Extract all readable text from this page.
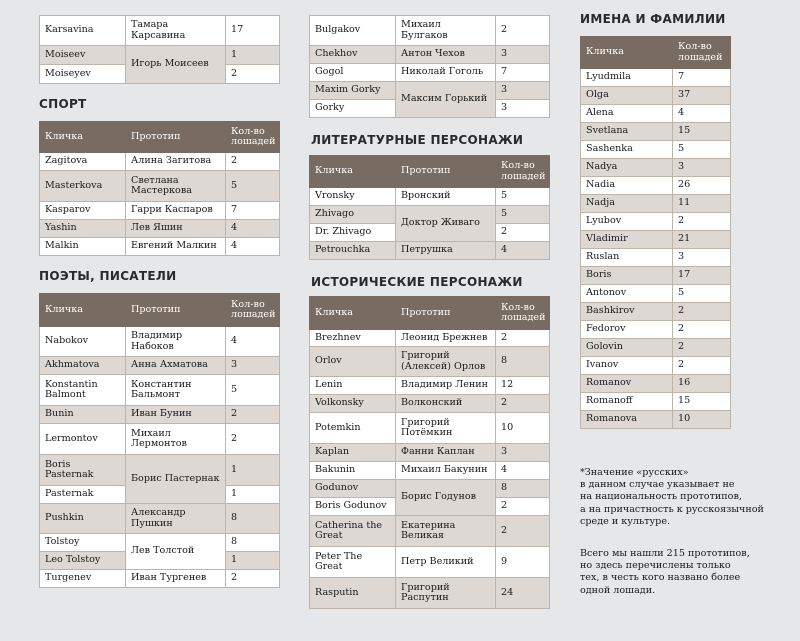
Karsavina	Тамара Карсавина	17
Moiseev	Игорь Моисеев	1
Moiseyev		2
СПОРТ
Кличка	Прототип	Кол-во лошадей
Zagitova	Алина Загитова	2
Masterkova	Светлана Мастеркова	5
Kasparov	Гарри Каспаров	7
Yashin	Лев Яшин	4
Malkin	Евгений Малкин	4
ПОЭТЫ, ПИСАТЕЛИ
Кличка	Прототип	Кол-во лошадей
Nabokov	Владимир Набоков	4
Akhmatova	Анна Ахматова	3
Konstantin Balmont	Константин Бальмонт	5
Bunin	Иван Бунин	2
Lermontov	Михаил Лермонтов	2
Boris Pasternak	Борис Пастернак	1
Pasternak		1
Pushkin	Александр Пушкин	8
Tolstoy	Лев Толстой	8
Leo Tolstoy		1
Turgenev	Иван Тургенев	2
Bulgakov	Михаил Булгаков	2
Chekhov	Антон Чехов	3
Gogol	Николай Гоголь	7
Maxim Gorky	Максим Горький	3
Gorky		3
ЛИТЕРАТУРНЫЕ ПЕРСОНАЖИ
Кличка	Прототип	Кол-во лошадей
Vronsky	Вронский	5
Zhivago	Доктор Живаго	5
Dr. Zhivago		2
Petrouchka	Петрушка	4
ИСТОРИЧЕСКИЕ ПЕРСОНАЖИ
Кличка	Прототип	Кол-во лошадей
Brezhnev	Леонид Брежнев	2
Orlov	Григорий (Алексей) Орлов	8
Lenin	Владимир Ленин	12
Volkonsky	Волконский	2
Potemkin	Григорий Потёмкин	10
Kaplan	Фанни Каплан	3
Bakunin	Михаил Бакунин	4
Godunov	Борис Годунов	8
Boris Godunov		2
Catherina the Great	Екатерина Великая	2
Peter The Great	Петр Великий	9
Rasputin	Григорий Распутин	24
ИМЕНА И ФАМИЛИИ
Кличка	Кол-во лошадей
Lyudmila	7
Olga	37
Alena	4
Svetlana	15
Sashenka	5
Nadya	3
Nadia	26
Nadja	11
Lyubov	2
Vladimir	21
Ruslan	3
Boris	17
Antonov	5
Bashkirov	2
Fedorov	2
Golovin	2
Ivanov	2
Romanov	16
Romanoff	15
Romanova	10
*Значение «русских»
в данном случае указывает не
на национальность прототипов,
а на причастность к русскоязычной
среде и культуре.
Всего мы нашли 215 прототипов,
но здесь перечислены только
тех, в честь кого названо более
одной лошади.
